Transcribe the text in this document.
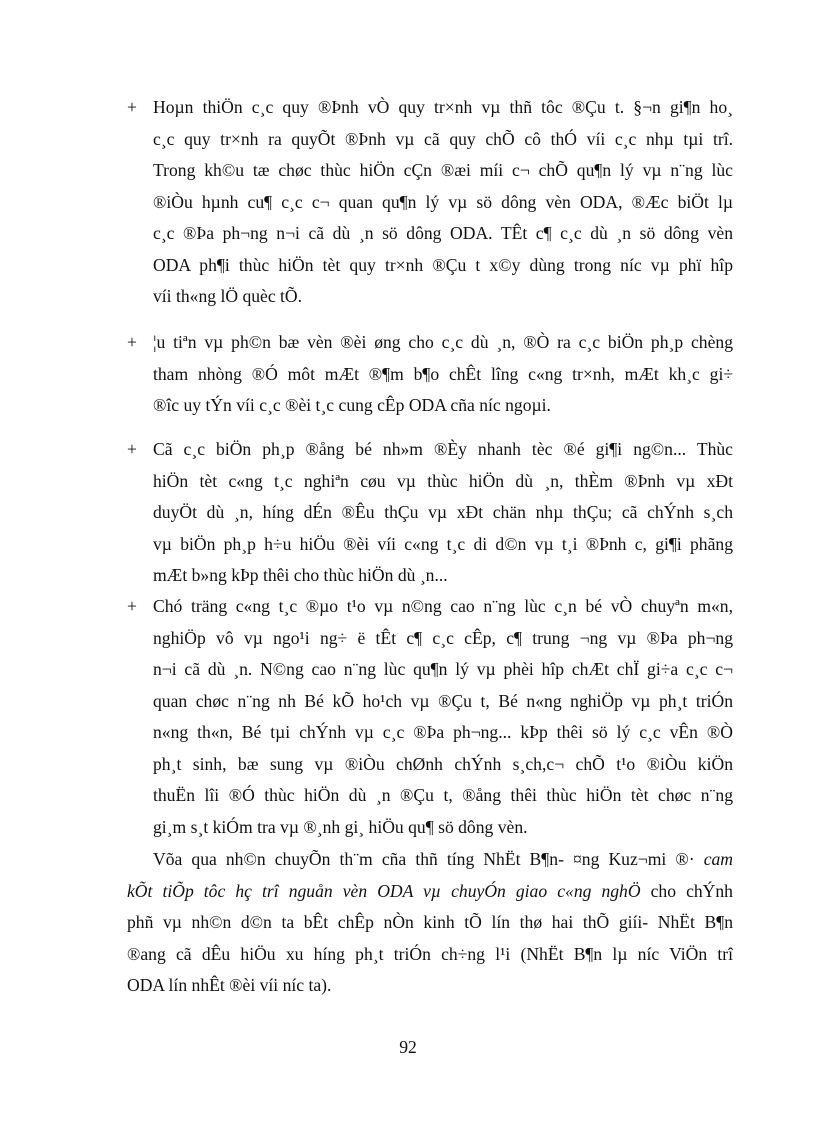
+ Hoµn thiÖn c¸c quy ®Þnh vÒ quy tr×nh vµ thñ tôc ®Çu t. §¬n gi¶n ho¸
c¸c quy tr×nh ra quyÕt ®Þnh vµ cã quy chÕ cô thÓ víi c¸c nhµ tµi trî.
Trong kh©u tæ chøc thùc hiÖn cÇn ®æi míi c¬ chÕ qu¶n lý vµ n¨ng lùc
®iÒu hµnh cu¶ c¸c c¬ quan qu¶n lý vµ sö dông vèn ODA, ®Æc biÖt lµ
c¸c ®Þa ph¬ng n¬i cã dù ¸n sö dông ODA. TÊt c¶ c¸c dù ¸n sö dông vèn
ODA ph¶i thùc hiÖn tèt quy tr×nh ®Çu t x©y dùng trong níc vµ phï hîp
víi th«ng lÖ quèc tÕ.
+ ¦u tiªn vµ ph©n bæ vèn ®èi øng cho c¸c dù ¸n, ®Ò ra c¸c biÖn ph¸p chèng
tham nhòng ®Ó môt mÆt ®¶m b¶o chÊt lîng c«ng tr×nh, mÆt kh¸c gi÷
®îc uy tÝn víi c¸c ®èi t¸c cung cÊp ODA cña níc ngoµi.
+ Cã c¸c biÖn ph¸p ®ång bé nh»m ®Èy nhanh tèc ®é gi¶i ng©n... Thùc
hiÖn tèt c«ng t¸c nghiªn cøu vµ thùc hiÖn dù ¸n, thÈm ®Þnh vµ xÐt
duyÖt dù ¸n, híng dÉn ®Êu thÇu vµ xÐt chän nhµ thÇu; cã chÝnh s¸ch
vµ biÖn ph¸p h÷u hiÖu ®èi víi c«ng t¸c di d©n vµ t¸i ®Þnh c, gi¶i phãng
mÆt b»ng kÞp thêi cho thùc hiÖn dù ¸n...
+ Chó träng c«ng t¸c ®µo t¹o vµ n©ng cao n¨ng lùc c¸n bé vÒ chuyªn m«n,
nghiÖp vô vµ ngo¹i ng÷ ë tÊt c¶ c¸c cÊp, c¶ trung ¬ng vµ ®Þa ph¬ng
n¬i cã dù ¸n. N©ng cao n¨ng lùc qu¶n lý vµ phèi hîp chÆt chÏ gi÷a c¸c c¬
quan chøc n¨ng nh Bé kÕ ho¹ch vµ ®Çu t, Bé n«ng nghiÖp vµ ph¸t triÓn
n«ng th«n, Bé tµi chÝnh vµ c¸c ®Þa ph¬ng... kÞp thêi sö lý c¸c vÊn ®Ò
ph¸t sinh, bæ sung vµ ®iÒu chØnh chÝnh s¸ch,c¬ chÕ t¹o ®iÒu kiÖn
thuËn lîi ®Ó thùc hiÖn dù ¸n ®Çu t, ®ång thêi thùc hiÖn tèt chøc n¨ng
gi¸m s¸t kiÓm tra vµ ®¸nh gi¸ hiÖu qu¶ sö dông vèn.
Võa qua nh©n chuyÕn th¨m cña thñ tíng NhËt B¶n- ¤ng Kuz¬mi ®· cam
kÕt tiÕp tôc hç trî nguån vèn ODA vµ chuyÓn giao c«ng nghÖ cho chÝnh
phñ vµ nh©n d©n ta bÊt chÊp nÒn kinh tÕ lín thø hai thÕ giíi- NhËt B¶n
®ang cã dÊu hiÖu xu híng ph¸t triÓn ch÷ng l¹i (NhËt B¶n lµ níc ViÖn trî
ODA lín nhÊt ®èi víi níc ta).
92
